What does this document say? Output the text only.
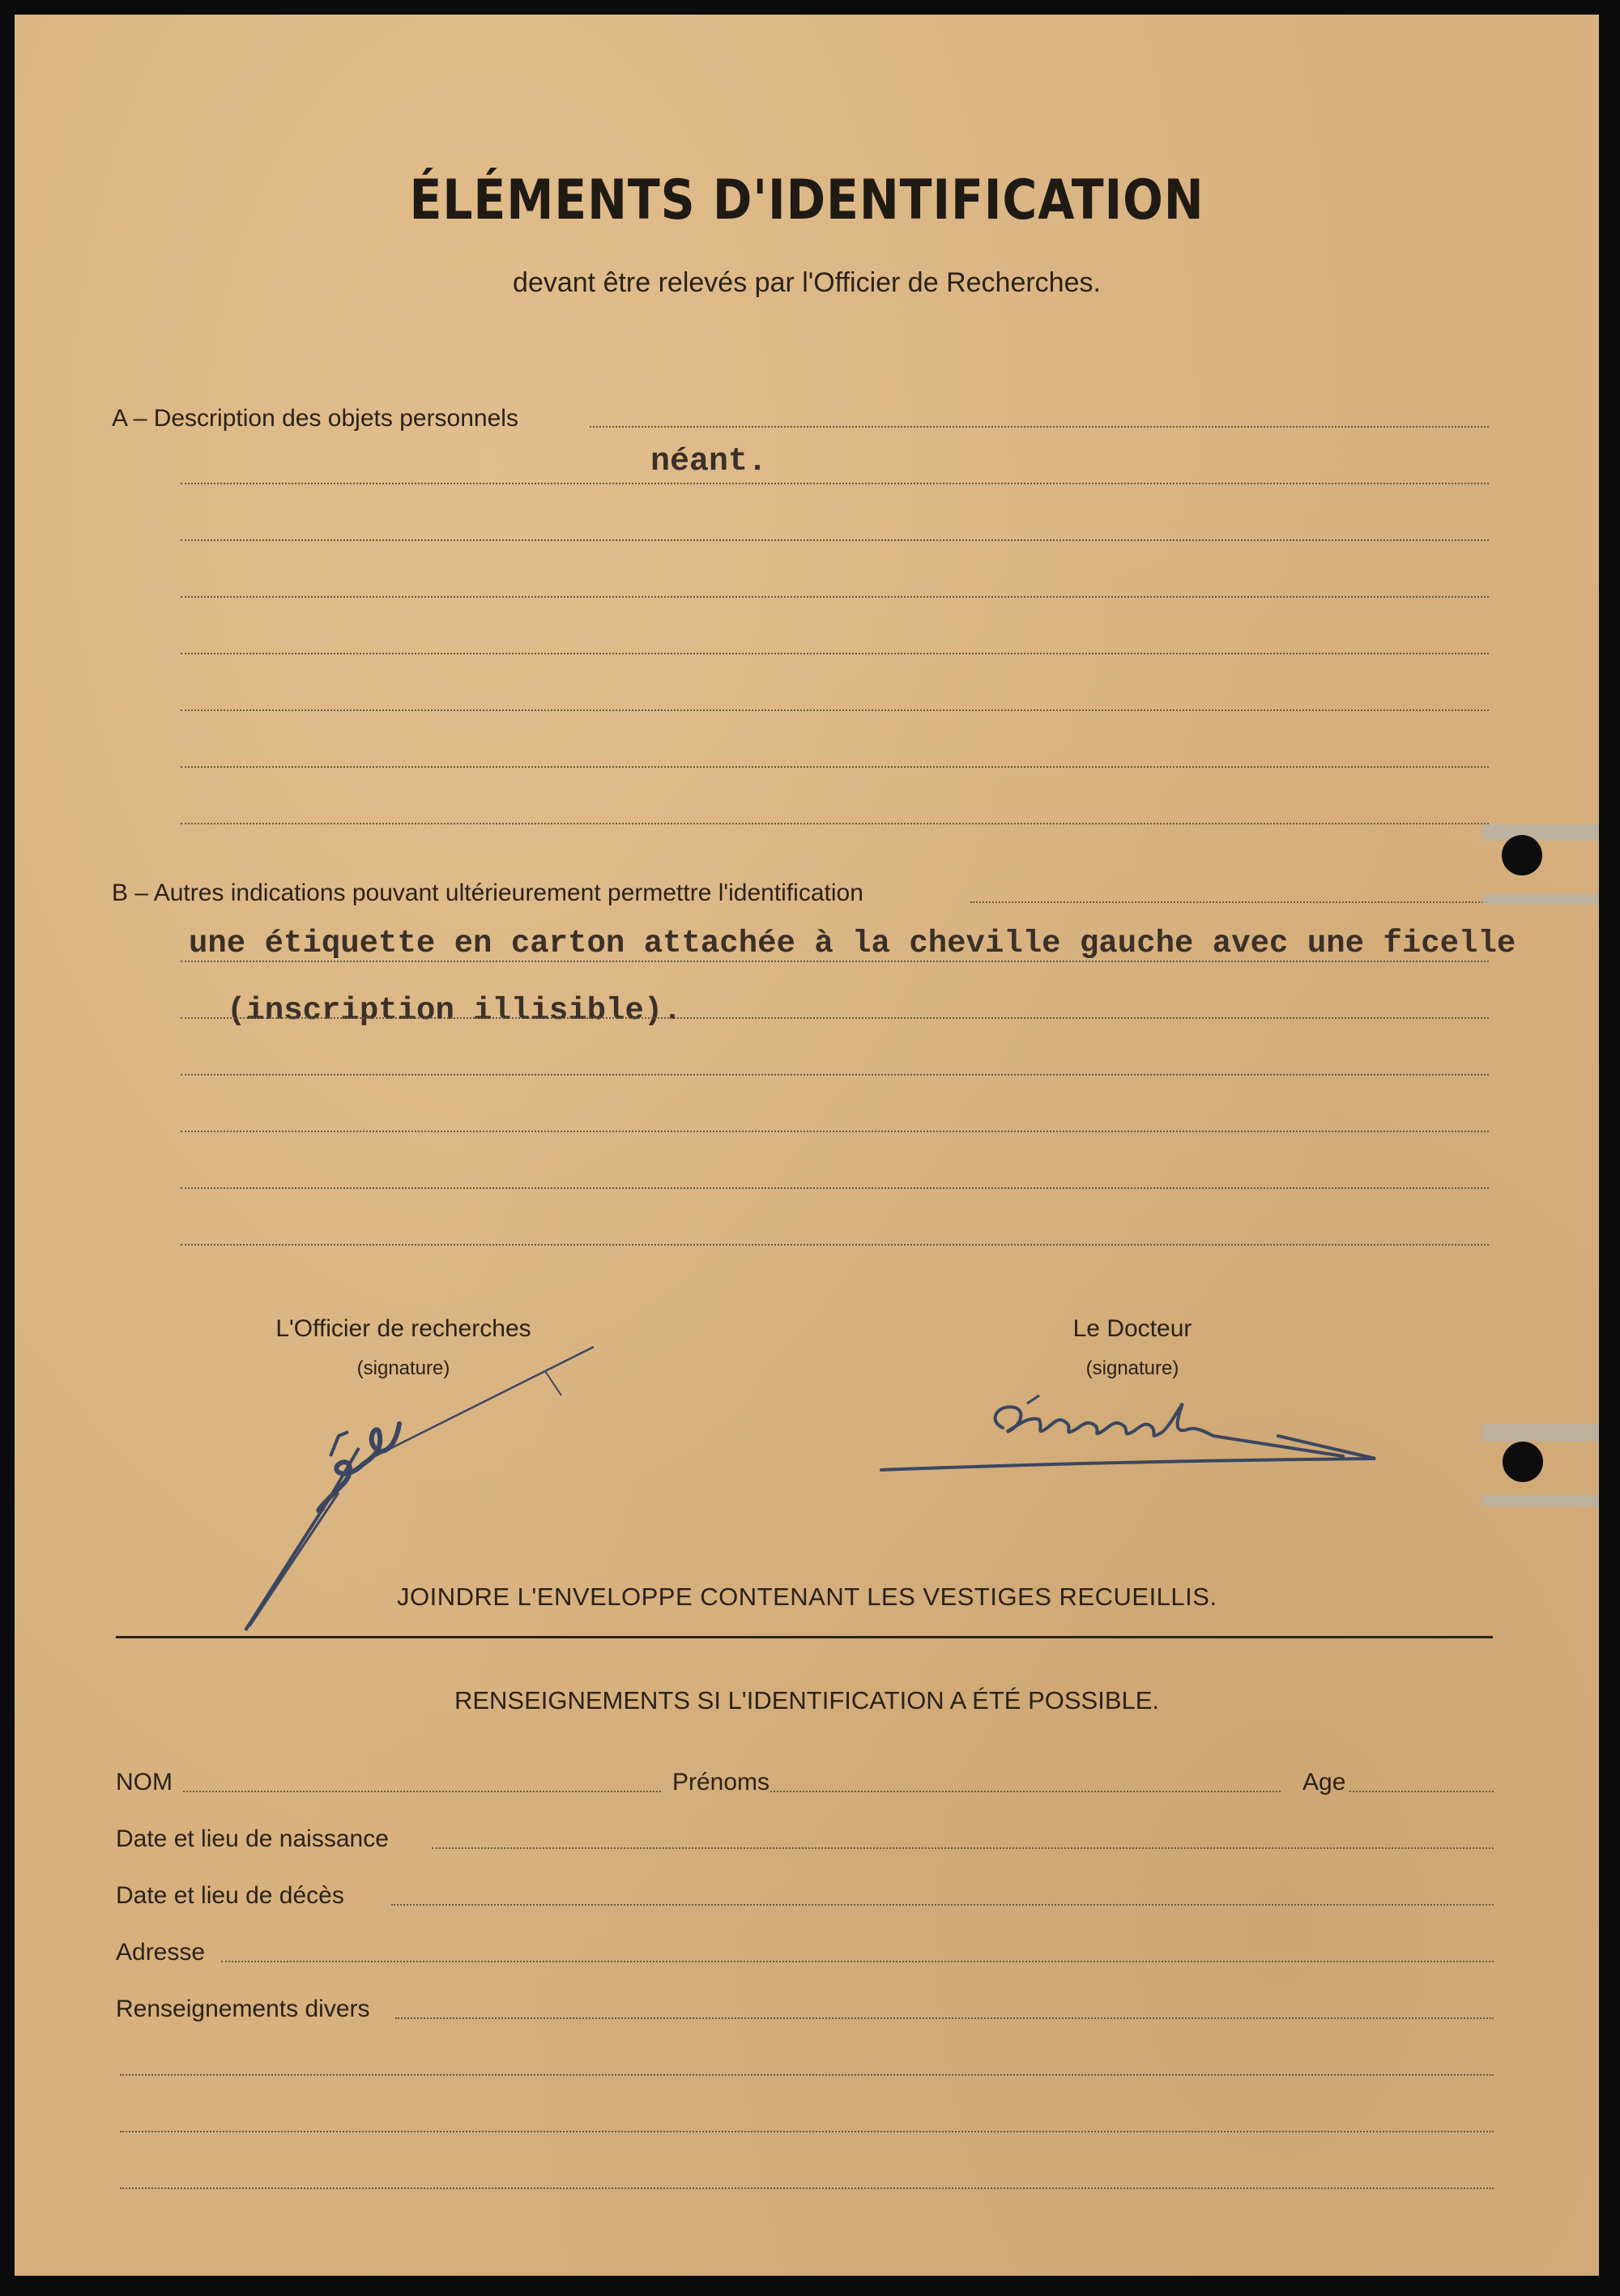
ÉLÉMENTS D'IDENTIFICATION
devant être relevés par l'Officier de Recherches.
A – Description des objets personnels
néant.
B – Autres indications pouvant ultérieurement permettre l'identification
une étiquette en carton attachée à la cheville gauche avec une ficelle
(inscription illisible).
L'Officier de recherches
(signature)
Le Docteur
(signature)
JOINDRE L'ENVELOPPE CONTENANT LES VESTIGES RECUEILLIS.
RENSEIGNEMENTS SI L'IDENTIFICATION A ÉTÉ POSSIBLE.
NOM	Prénoms	Age
Date et lieu de naissance
Date et lieu de décès
Adresse
Renseignements divers
